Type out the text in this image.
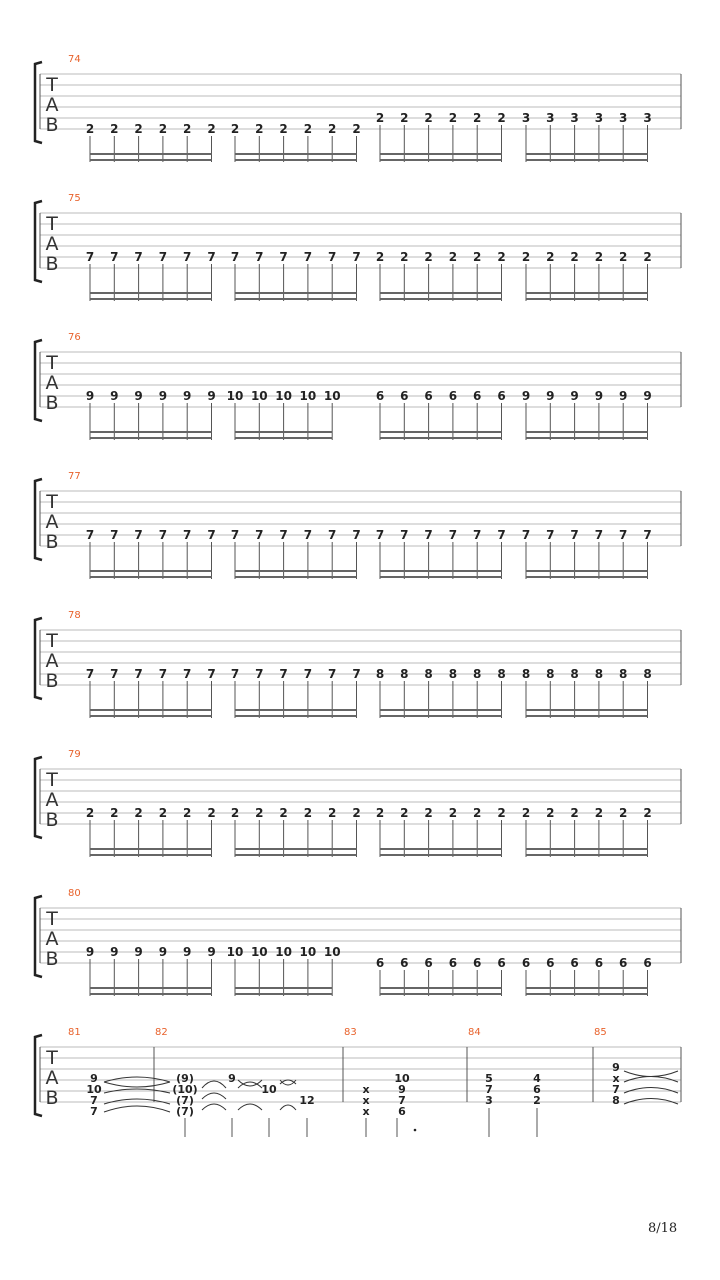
T
A
B
74
2 2 2 2 2 2 2 2 2 2 2 2
2 2 2 2 2 2 3 3 3 3 3 3
T
A
B
75
7 7 7 7 7 7 7 7 7 7 7 7 2 2 2 2 2 2 2 2 2 2 2 2
T
A
B
76
9 9 9 9 9 9 10 10 10 10 10	6 6 6 6 6 6 9 9 9 9 9 9
T
A
B
77
7 7 7 7 7 7 7 7 7 7 7 7 7 7 7 7 7 7 7 7 7 7 7 7
T
A
B
78
7 7 7 7 7 7 7 7 7 7 7 7 8 8 8 8 8 8 8 8 8 8 8 8
T
A
B
79
2 2 2 2 2 2 2 2 2 2 2 2 2 2 2 2 2 2 2 2 2 2 2 2
T
A
B
80
9 9 9 9 9 9 10 10 10 10 10
6 6 6 6 6 6 6 6 6 6 6 6
T
A
B
81	82	83	84	85
9
10
7
7
(9)
(10)
(7)
(7)
9
10
12
x
x
x
10
9
7
6
5
7
3
4
6
2
9
x
7
8
8/18
